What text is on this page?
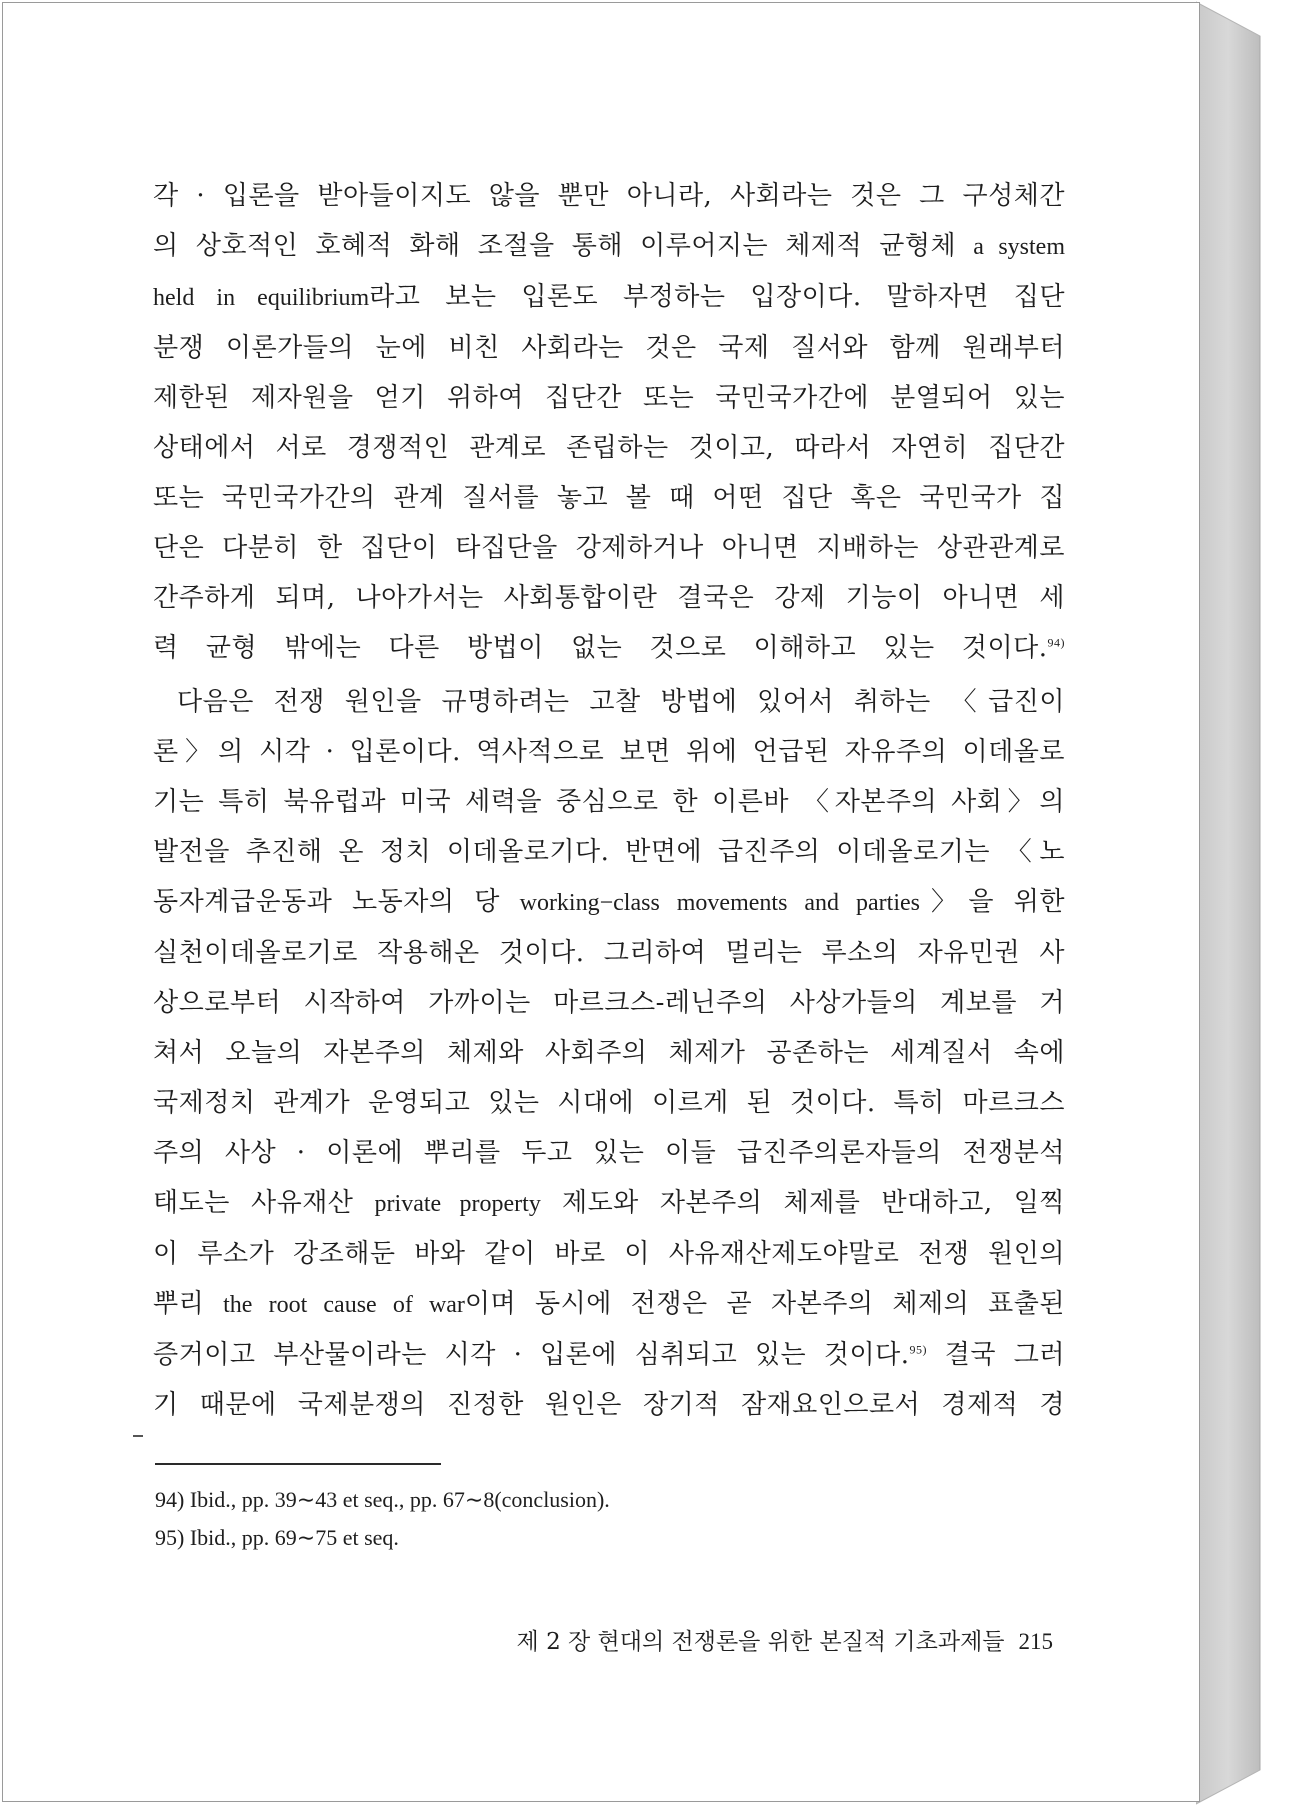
각 · 입론을 받아들이지도 않을 뿐만 아니라, 사회라는 것은 그 구성체간
의 상호적인 호혜적 화해 조절을 통해 이루어지는 체제적 균형체 a system
held in equilibrium라고 보는 입론도 부정하는 입장이다. 말하자면 집단
분쟁 이론가들의 눈에 비친 사회라는 것은 국제 질서와 함께 원래부터
제한된 제자원을 얻기 위하여 집단간 또는 국민국가간에 분열되어 있는
상태에서 서로 경쟁적인 관계로 존립하는 것이고, 따라서 자연히 집단간
또는 국민국가간의 관계 질서를 놓고 볼 때 어떤 집단 혹은 국민국가 집
단은 다분히 한 집단이 타집단을 강제하거나 아니면 지배하는 상관관계로
간주하게 되며, 나아가서는 사회통합이란 결국은 강제 기능이 아니면 세
력 균형 밖에는 다른 방법이 없는 것으로 이해하고 있는 것이다.$^{94)}$
다음은 전쟁 원인을 규명하려는 고찰 방법에 있어서 취하는 〈급진이
론〉의 시각 · 입론이다. 역사적으로 보면 위에 언급된 자유주의 이데올로
기는 특히 북유럽과 미국 세력을 중심으로 한 이른바 〈자본주의 사회〉의
발전을 추진해 온 정치 이데올로기다. 반면에 급진주의 이데올로기는 〈노
동자계급운동과 노동자의 당 working−class movements and parties〉을 위한
실천이데올로기로 작용해온 것이다. 그리하여 멀리는 루소의 자유민권 사
상으로부터 시작하여 가까이는 마르크스-레닌주의 사상가들의 계보를 거
쳐서 오늘의 자본주의 체제와 사회주의 체제가 공존하는 세계질서 속에
국제정치 관계가 운영되고 있는 시대에 이르게 된 것이다. 특히 마르크스
주의 사상 · 이론에 뿌리를 두고 있는 이들 급진주의론자들의 전쟁분석
태도는 사유재산 private property 제도와 자본주의 체제를 반대하고, 일찍
이 루소가 강조해둔 바와 같이 바로 이 사유재산제도야말로 전쟁 원인의
뿌리 the root cause of war이며 동시에 전쟁은 곧 자본주의 체제의 표출된
증거이고 부산물이라는 시각 · 입론에 심취되고 있는 것이다.$^{95)}$ 결국 그러
기 때문에 국제분쟁의 진정한 원인은 장기적 잠재요인으로서 경제적 경
94) Ibid., pp. 39∼43 et seq., pp. 67∼8(conclusion).
95) Ibid., pp. 69∼75 et seq.
제 2 장 현대의 전쟁론을 위한 본질적 기초과제들 215
